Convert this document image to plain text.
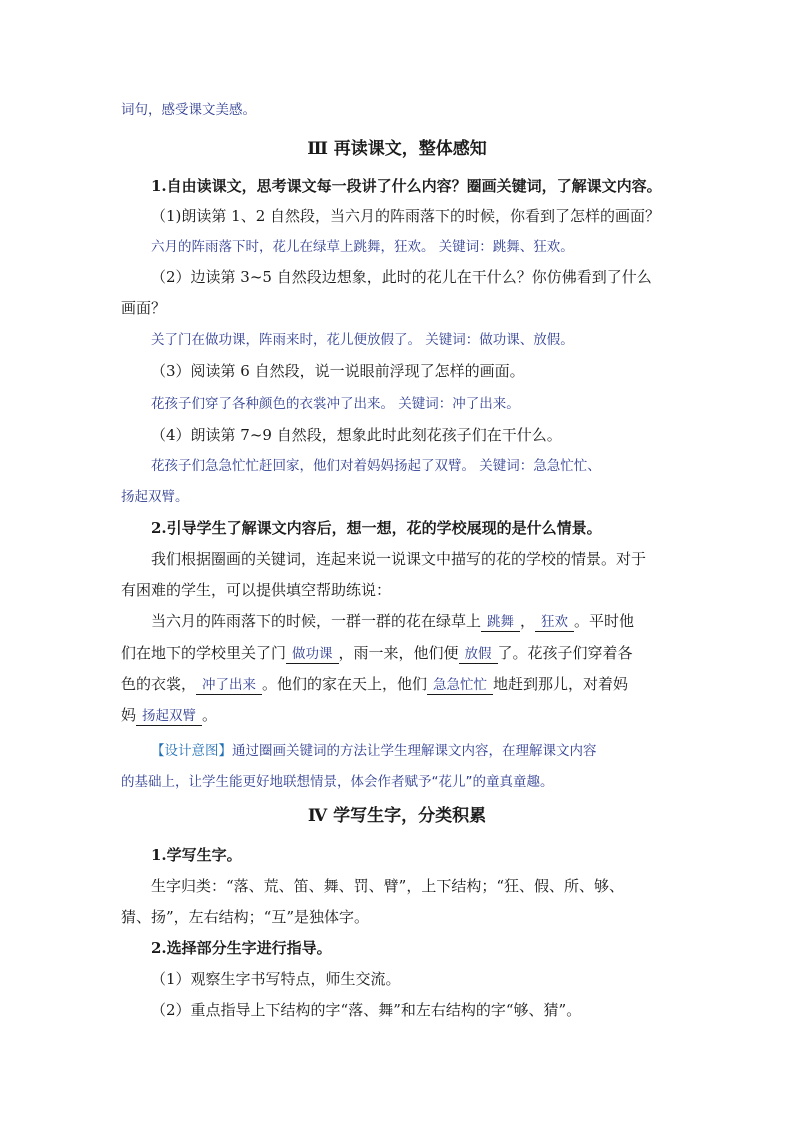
词句，感受课文美感。
Ⅲ 再读课文，整体感知
1.自由读课文，思考课文每一段讲了什么内容？圈画关键词，了解课文内容。
（1)朗读第 1、2 自然段，当六月的阵雨落下的时候，你看到了怎样的画面？
六月的阵雨落下时，花儿在绿草上跳舞，狂欢。 关键词：跳舞、狂欢。
（2）边读第 3~5 自然段边想象，此时的花儿在干什么？你仿佛看到了什么
画面？
关了门在做功课，阵雨来时，花儿便放假了。 关键词：做功课、放假。
（3）阅读第 6 自然段，说一说眼前浮现了怎样的画面。
花孩子们穿了各种颜色的衣裳冲了出来。 关键词：冲了出来。
（4）朗读第 7~9 自然段，想象此时此刻花孩子们在干什么。
花孩子们急急忙忙赶回家，他们对着妈妈扬起了双臂。 关键词：急急忙忙、
扬起双臂。
2.引导学生了解课文内容后，想一想，花的学校展现的是什么情景。
我们根据圈画的关键词，连起来说一说课文中描写的花的学校的情景。对于
有困难的学生，可以提供填空帮助练说：
当六月的阵雨落下的时候，一群一群的花在绿草上 跳舞 ， 狂欢 。平时他
们在地下的学校里关了门 做功课 ，雨一来，他们便 放假 了。花孩子们穿着各
色的衣裳， 冲了出来 。他们的家在天上，他们 急急忙忙 地赶到那儿，对着妈
妈 扬起双臂 。
【设计意图】通过圈画关键词的方法让学生理解课文内容，在理解课文内容
的基础上，让学生能更好地联想情景，体会作者赋予“花儿”的童真童趣。
Ⅳ 学写生字，分类积累
1.学写生字。
生字归类：“落、荒、笛、舞、罚、臂”，上下结构；“狂、假、所、够、
猜、扬”，左右结构；“互”是独体字。
2.选择部分生字进行指导。
（1）观察生字书写特点，师生交流。
（2）重点指导上下结构的字“落、舞”和左右结构的字“够、猜”。
